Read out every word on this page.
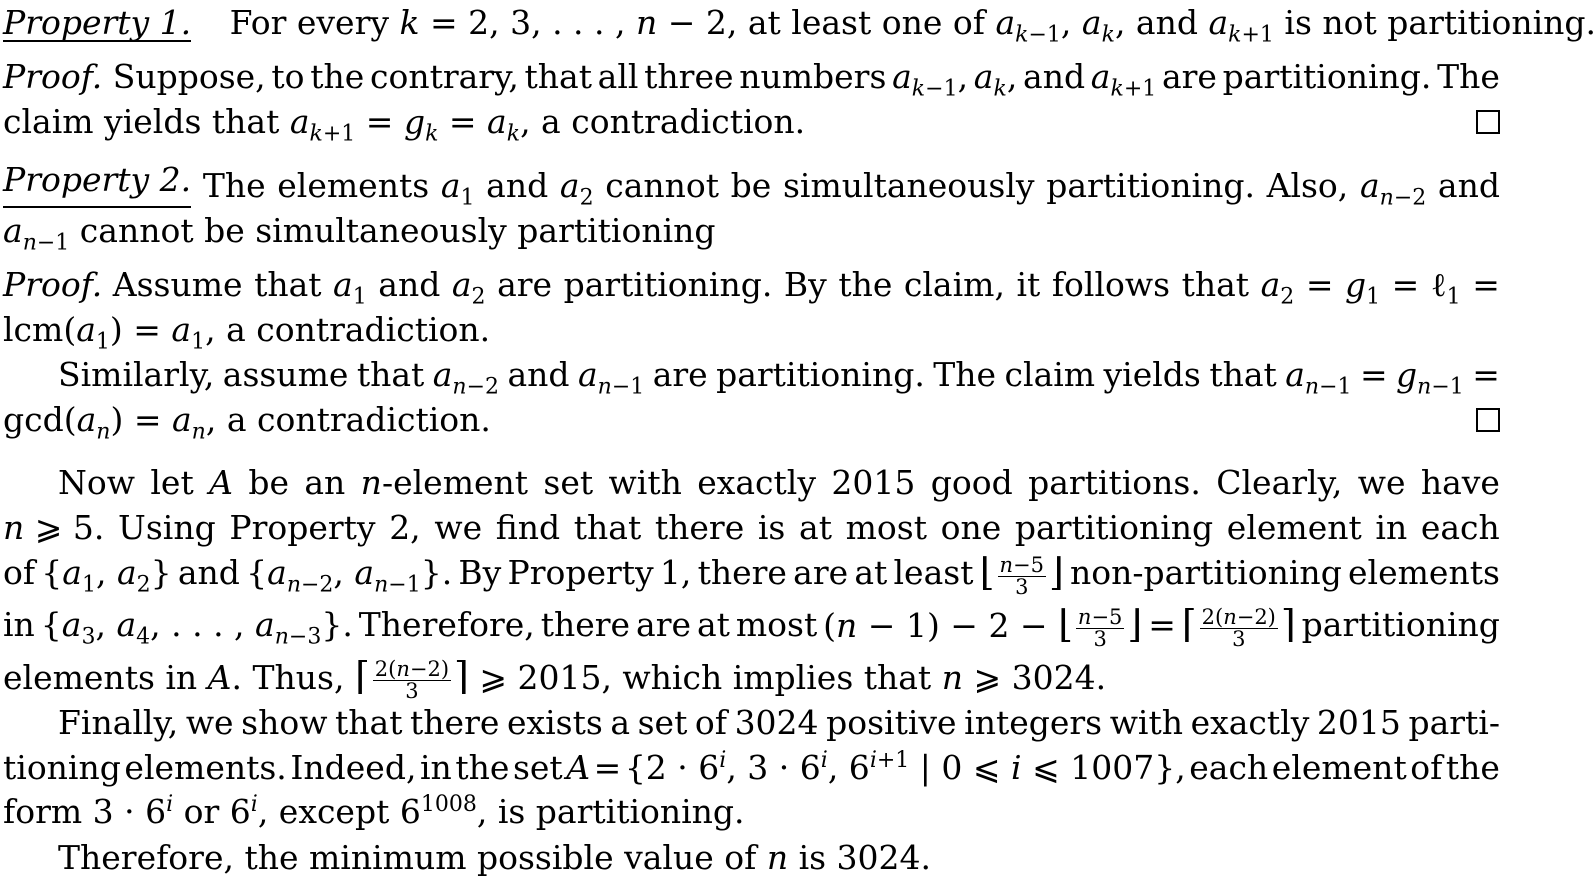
Property 1. For every k = 2, 3, . . . , n − 2, at least one of $a_{k-1}$, $a_k$, and $a_{k+1}$ is not partitioning.
Proof. Suppose, to the contrary, that all three numbers $a_{k-1}$, $a_k$, and $a_{k+1}$ are partitioning. The
claim yields that $a_{k+1} = g_k = a_k$, a contradiction.
Property 2. The elements $a_1$ and $a_2$ cannot be simultaneously partitioning. Also, $a_{n-2}$ and
$a_{n-1}$ cannot be simultaneously partitioning
Proof. Assume that $a_1$ and $a_2$ are partitioning. By the claim, it follows that $a_2 = g_1$ = ℓ$_1$ =
$lcm(a_1) = a_1$, a contradiction.
Similarly, assume that $a_{n-2}$ and $a_{n-1}$ are partitioning. The claim yields that $a_{n-1} = g_{n-1}$ =
$\gcd(a_n) = a_n$, a contradiction.
Now let A be an n-element set with exactly 2015 good partitions. Clearly, we have
n ⩾ 5. Using Property 2, we find that there is at most one partitioning element in each
of {$a_1$, $a_2$} and {$a_{n-2}$, $a_{n-1}$}. By Property 1, there are at least ⌊ $\frac{n-5}{3}$ ⌋ non-partitioning elements
in {$a_3$, $a_4$, . . . , $a_{n-3}$}. Therefore, there are at most (n − 1) − 2 − ⌊ $\frac{n-5}{3}$ ⌋ = ⌈ $\frac{2(n-2)}{3}$ ⌉ partitioning
elements in A. Thus, ⌈ $\frac{2(n-2)}{3}$ ⌉ ⩾ 2015, which implies that n ⩾ 3024.
Finally, we show that there exists a set of 3024 positive integers with exactly 2015 parti-
tioning elements. Indeed, in the set $A = \{2 \cdot 6^i$, $3 \cdot 6^i$, $6^{i+1}$ | 0 ⩽ i ⩽ 1007}, each element of the
form $3 \cdot 6^i$ or 6$^i$, except $6^{1008}$, is partitioning.
Therefore, the minimum possible value of n is 3024.
